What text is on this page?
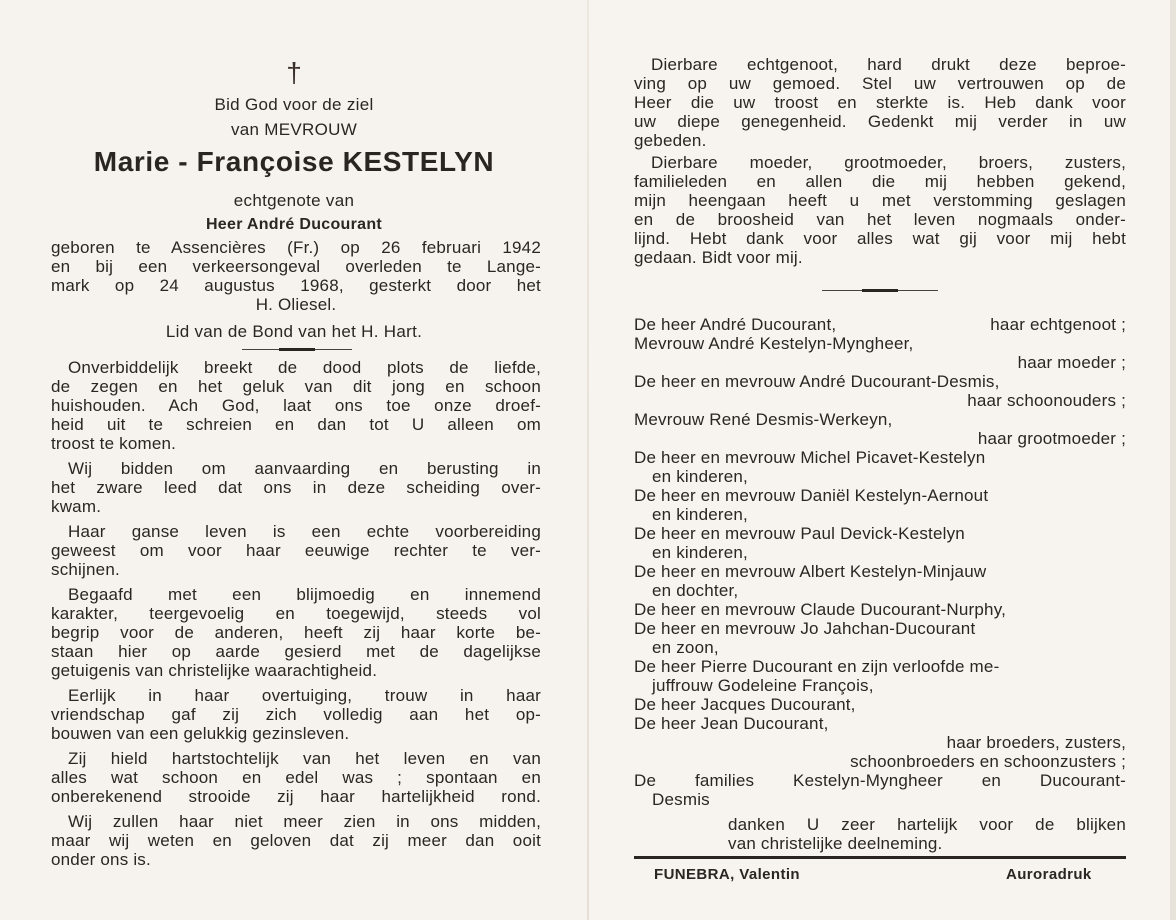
†
Bid God voor de ziel
van MEVROUW
Marie - Françoise KESTELYN
echtgenote van
Heer André Ducourant
geboren te Assencières (Fr.) op 26 februari 1942
en bij een verkeersongeval overleden te Lange-
mark op 24 augustus 1968, gesterkt door het
H. Oliesel.
Lid van de Bond van het H. Hart.
Onverbiddelijk breekt de dood plots de liefde,
de zegen en het geluk van dit jong en schoon
huishouden. Ach God, laat ons toe onze droef-
heid uit te schreien en dan tot U alleen om
troost te komen.
Wij bidden om aanvaarding en berusting in
het zware leed dat ons in deze scheiding over-
kwam.
Haar ganse leven is een echte voorbereiding
geweest om voor haar eeuwige rechter te ver-
schijnen.
Begaafd met een blijmoedig en innemend
karakter, teergevoelig en toegewijd, steeds vol
begrip voor de anderen, heeft zij haar korte be-
staan hier op aarde gesierd met de dagelijkse
getuigenis van christelijke waarachtigheid.
Eerlijk in haar overtuiging, trouw in haar
vriendschap gaf zij zich volledig aan het op-
bouwen van een gelukkig gezinsleven.
Zij hield hartstochtelijk van het leven en van
alles wat schoon en edel was ; spontaan en
onberekenend strooide zij haar hartelijkheid rond.
Wij zullen haar niet meer zien in ons midden,
maar wij weten en geloven dat zij meer dan ooit
onder ons is.
Dierbare echtgenoot, hard drukt deze beproe-
ving op uw gemoed. Stel uw vertrouwen op de
Heer die uw troost en sterkte is. Heb dank voor
uw diepe genegenheid. Gedenkt mij verder in uw
gebeden.
Dierbare moeder, grootmoeder, broers, zusters,
familieleden en allen die mij hebben gekend,
mijn heengaan heeft u met verstomming geslagen
en de broosheid van het leven nogmaals onder-
lijnd. Hebt dank voor alles wat gij voor mij hebt
gedaan. Bidt voor mij.
De heer André Ducourant,	haar echtgenoot ;
Mevrouw André Kestelyn-Myngheer,
haar moeder ;
De heer en mevrouw André Ducourant-Desmis,
haar schoonouders ;
Mevrouw René Desmis-Werkeyn,
haar grootmoeder ;
De heer en mevrouw Michel Picavet-Kestelyn
en kinderen,
De heer en mevrouw Daniël Kestelyn-Aernout
en kinderen,
De heer en mevrouw Paul Devick-Kestelyn
en kinderen,
De heer en mevrouw Albert Kestelyn-Minjauw
en dochter,
De heer en mevrouw Claude Ducourant-Nurphy,
De heer en mevrouw Jo Jahchan-Ducourant
en zoon,
De heer Pierre Ducourant en zijn verloofde me-
juffrouw Godeleine François,
De heer Jacques Ducourant,
De heer Jean Ducourant,
haar broeders, zusters,
schoonbroeders en schoonzusters ;
De families Kestelyn-Myngheer en Ducourant-
Desmis
danken U zeer hartelijk voor de blijken
van christelijke deelneming.
FUNEBRA, Valentin	Auroradruk
